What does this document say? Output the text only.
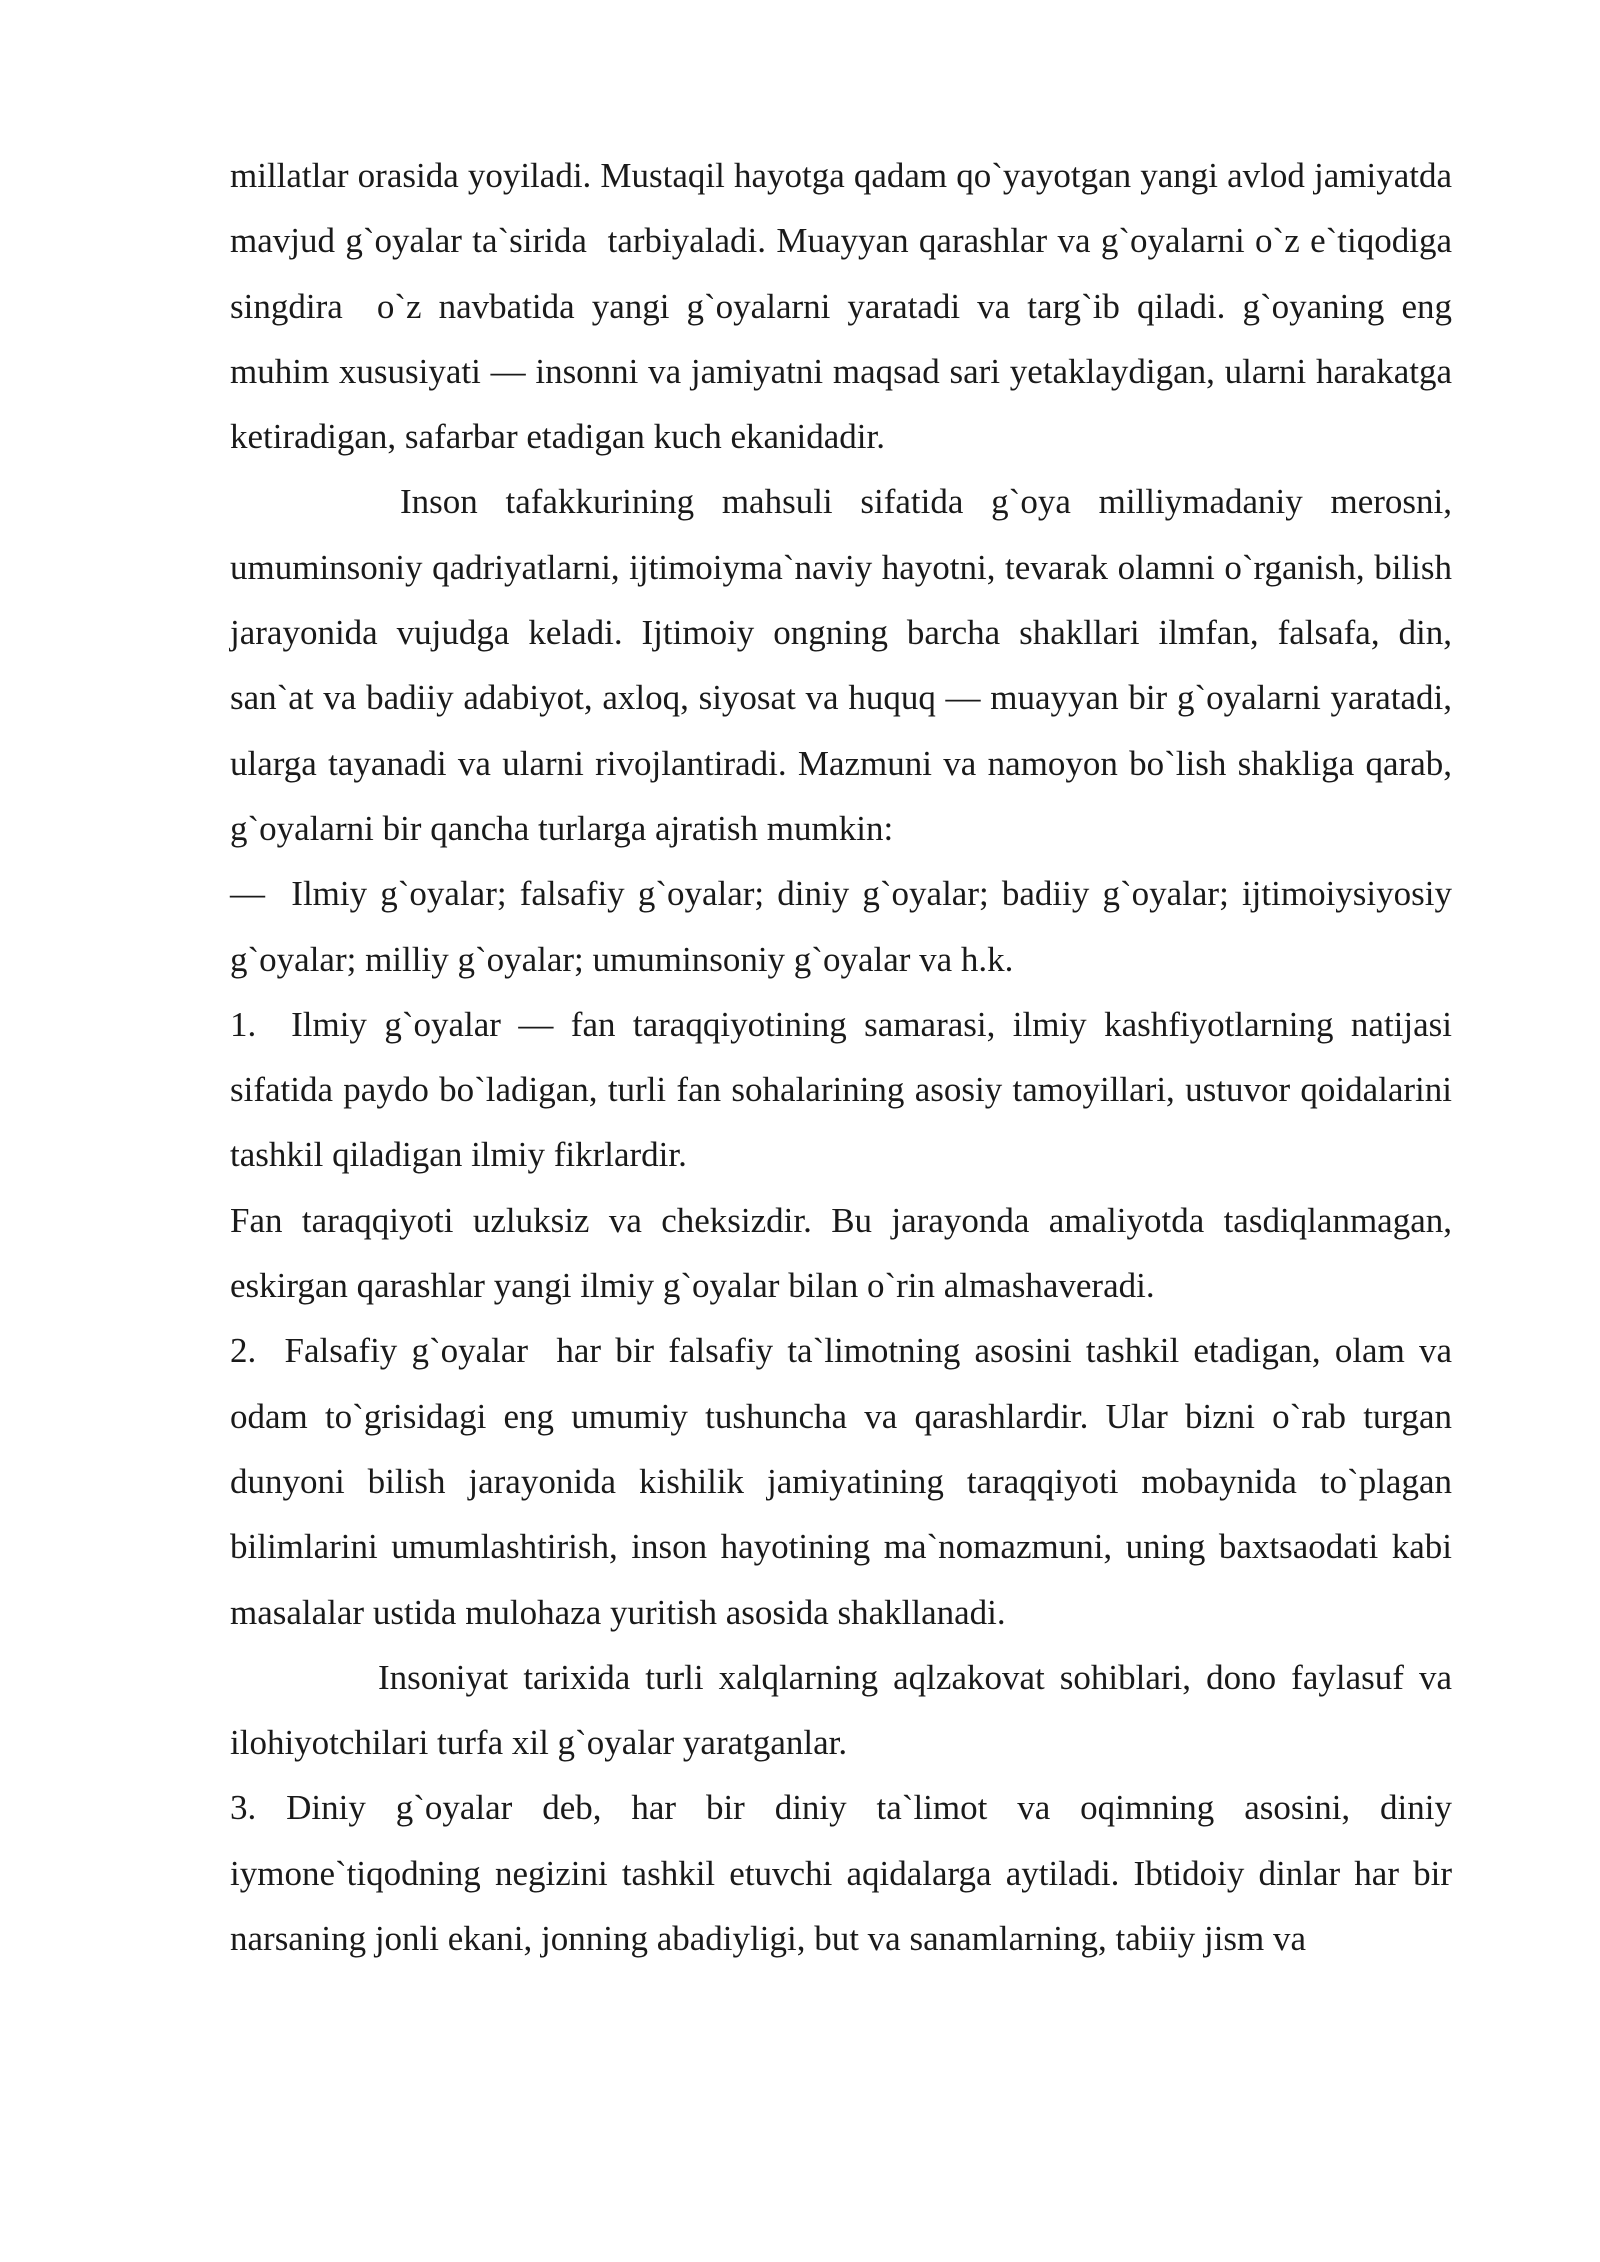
millatlar orasida yoyiladi. Mustaqil hayotga qadam qo`yayotgan yangi avlod jamiyatda mavjud g`oyalar ta`sirida  tarbiyaladi. Muayyan qarashlar va g`oyalarni o`z e`tiqodiga singdira  o`z navbatida yangi g`oyalarni yaratadi va targ`ib qiladi. g`oyaning eng muhim xususiyati — insonni va jamiyatni maqsad sari yetaklaydigan, ularni harakatga ketiradigan, safarbar etadigan kuch ekanidadir.

Inson tafakkurining mahsuli sifatida g`oya milliymadaniy merosni, umuminsoniy qadriyatlarni, ijtimoiyma`naviy hayotni, tevarak olamni o`rganish, bilish jarayonida vujudga keladi. Ijtimoiy ongning barcha shakllari ilmfan, falsafa, din, san`at va badiiy adabiyot, axloq, siyosat va huquq — muayyan bir g`oyalarni yaratadi, ularga tayanadi va ularni rivojlantiradi. Mazmuni va namoyon bo`lish shakliga qarab, g`oyalarni bir qancha turlarga ajratish mumkin:

—  Ilmiy g`oyalar; falsafiy g`oyalar; diniy g`oyalar; badiiy g`oyalar; ijtimoiysiyosiy g`oyalar; milliy g`oyalar; umuminsoniy g`oyalar va h.k.

1.  Ilmiy g`oyalar — fan taraqqiyotining samarasi, ilmiy kashfiyotlarning natijasi sifatida paydo bo`ladigan, turli fan sohalarining asosiy tamoyillari, ustuvor qoidalarini tashkil qiladigan ilmiy fikrlardir.

Fan taraqqiyoti uzluksiz va cheksizdir. Bu jarayonda amaliyotda tasdiqlanmagan, eskirgan qarashlar yangi ilmiy g`oyalar bilan o`rin almashaveradi.

2.  Falsafiy g`oyalar  har bir falsafiy ta`limotning asosini tashkil etadigan, olam va odam to`grisidagi eng umumiy tushuncha va qarashlardir. Ular bizni o`rab turgan dunyoni bilish jarayonida kishilik jamiyatining taraqqiyoti mobaynida to`plagan bilimlarini umumlashtirish, inson hayotining ma`nomazmuni, uning baxtsaodati kabi masalalar ustida mulohaza yuritish asosida shakllanadi.

Insoniyat tarixida turli xalqlarning aqlzakovat sohiblari, dono faylasuf va ilohiyotchilari turfa xil g`oyalar yaratganlar.

3. Diniy g`oyalar deb, har bir diniy ta`limot va oqimning asosini, diniy iymone`tiqodning negizini tashkil etuvchi aqidalarga aytiladi. Ibtidoiy dinlar har bir narsaning jonli ekani, jonning abadiyligi, but va sanamlarning, tabiiy jism va
